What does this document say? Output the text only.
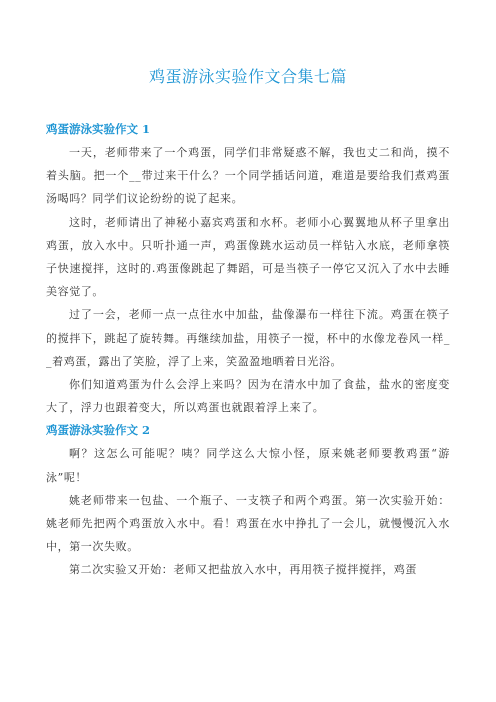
鸡蛋游泳实验作文合集七篇
鸡蛋游泳实验作文 1

一天，老师带来了一个鸡蛋，同学们非常疑惑不解，我也丈二和尚，摸不着头脑。把一个__带过来干什么？一个同学插话问道，难道是要给我们煮鸡蛋汤喝吗？同学们议论纷纷的说了起来。

这时，老师请出了神秘小嘉宾鸡蛋和水杯。老师小心翼翼地从杯子里拿出鸡蛋，放入水中。只听扑通一声，鸡蛋像跳水运动员一样钻入水底，老师拿筷子快速搅拌，这时的.鸡蛋像跳起了舞蹈，可是当筷子一停它又沉入了水中去睡美容觉了。

过了一会，老师一点一点往水中加盐，盐像瀑布一样往下流。鸡蛋在筷子的搅拌下，跳起了旋转舞。再继续加盐，用筷子一搅，杯中的水像龙卷风一样__着鸡蛋，露出了笑脸，浮了上来，笑盈盈地晒着日光浴。

你们知道鸡蛋为什么会浮上来吗？因为在清水中加了食盐，盐水的密度变大了，浮力也跟着变大，所以鸡蛋也就跟着浮上来了。

鸡蛋游泳实验作文 2

啊？这怎么可能呢？咦？同学这么大惊小怪，原来姚老师要教鸡蛋“游泳”呢！

姚老师带来一包盐、一个瓶子、一支筷子和两个鸡蛋。第一次实验开始：姚老师先把两个鸡蛋放入水中。看！鸡蛋在水中挣扎了一会儿，就慢慢沉入水中，第一次失败。

第二次实验又开始：老师又把盐放入水中，再用筷子搅拌搅拌，鸡蛋
